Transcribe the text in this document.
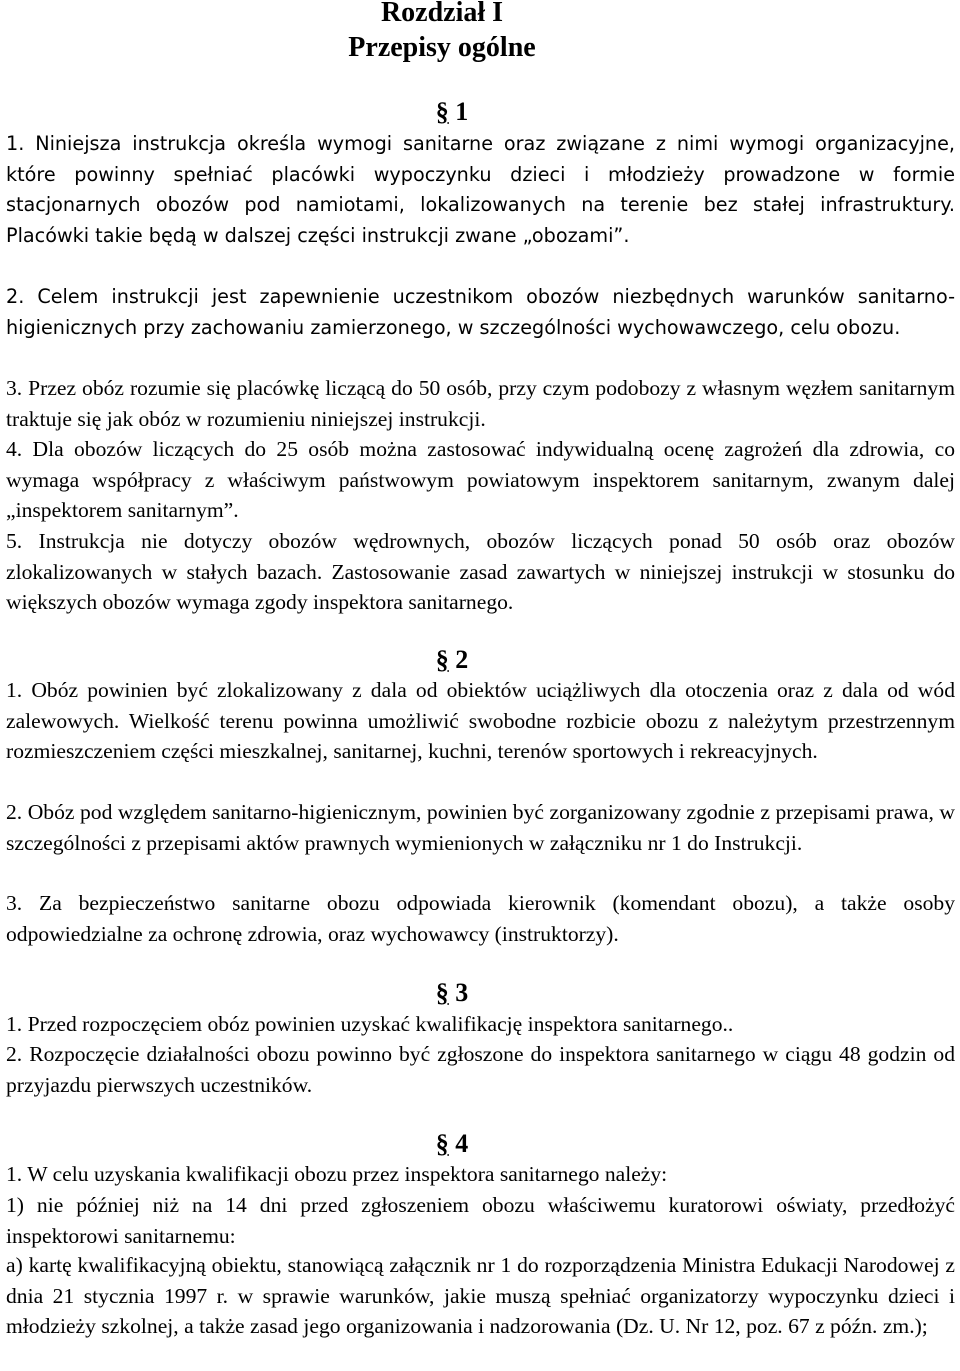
Rozdział I
Przepisy ogólne
§ 1

1. Niniejsza instrukcja określa wymogi sanitarne oraz związane z nimi wymogi organizacyjne, które powinny spełniać placówki wypoczynku dzieci i młodzieży prowadzone w formie stacjonarnych obozów pod namiotami, lokalizowanych na terenie bez stałej infrastruktury. Placówki takie będą w dalszej części instrukcji zwane „obozami”.

2. Celem instrukcji jest zapewnienie uczestnikom obozów niezbędnych warunków sanitarno-higienicznych przy zachowaniu zamierzonego, w szczególności wychowawczego, celu obozu.

3. Przez obóz rozumie się placówkę liczącą do 50 osób, przy czym podobozy z własnym węzłem sanitarnym traktuje się jak obóz w rozumieniu niniejszej instrukcji.

4. Dla obozów liczących do 25 osób można zastosować indywidualną ocenę zagrożeń dla zdrowia, co wymaga współpracy z właściwym państwowym powiatowym inspektorem sanitarnym, zwanym dalej „inspektorem sanitarnym”.

5. Instrukcja nie dotyczy obozów wędrownych, obozów liczących ponad 50 osób oraz obozów zlokalizowanych w stałych bazach. Zastosowanie zasad zawartych w niniejszej instrukcji w stosunku do większych obozów wymaga zgody inspektora sanitarnego.

§ 2

1. Obóz powinien być zlokalizowany z dala od obiektów uciążliwych dla otoczenia oraz z dala od wód zalewowych. Wielkość terenu powinna umożliwić swobodne rozbicie obozu z należytym przestrzennym rozmieszczeniem części mieszkalnej, sanitarnej, kuchni, terenów sportowych i rekreacyjnych.

2. Obóz pod względem sanitarno-higienicznym, powinien być zorganizowany zgodnie z przepisami prawa, w szczególności z przepisami aktów prawnych wymienionych w załączniku nr 1 do Instrukcji.

3. Za bezpieczeństwo sanitarne obozu odpowiada kierownik (komendant obozu), a także osoby odpowiedzialne za ochronę zdrowia, oraz wychowawcy (instruktorzy).

§ 3

1. Przed rozpoczęciem obóz powinien uzyskać kwalifikację inspektora sanitarnego..

2. Rozpoczęcie działalności obozu powinno być zgłoszone do inspektora sanitarnego w ciągu 48 godzin od przyjazdu pierwszych uczestników.

§ 4

1. W celu uzyskania kwalifikacji obozu przez inspektora sanitarnego należy:

1) nie później niż na 14 dni przed zgłoszeniem obozu właściwemu kuratorowi oświaty, przedłożyć inspektorowi sanitarnemu:

a) kartę kwalifikacyjną obiektu, stanowiącą załącznik nr 1 do rozporządzenia Ministra Edukacji Narodowej z dnia 21 stycznia 1997 r. w sprawie warunków, jakie muszą spełniać organizatorzy wypoczynku dzieci i młodzieży szkolnej, a także zasad jego organizowania i nadzorowania (Dz. U. Nr 12, poz. 67 z późn. zm.);
